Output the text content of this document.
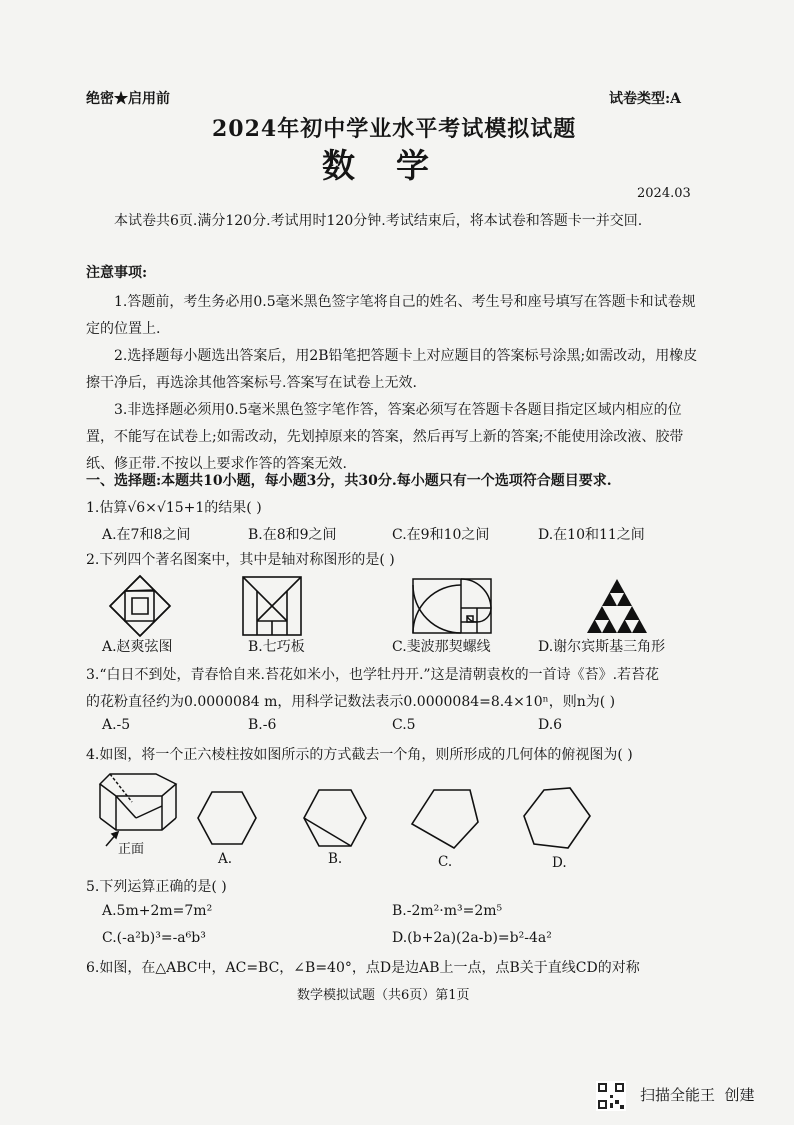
绝密★启用前	试卷类型:A
2024年初中学业水平考试模拟试题
数  学
2024.03
本试卷共6页.满分120分.考试用时120分钟.考试结束后，将本试卷和答题卡一并交回.
注意事项:
1.答题前，考生务必用0.5毫米黑色签字笔将自己的姓名、考生号和座号填写在答题卡和试卷规定的位置上.
2.选择题每小题选出答案后，用2B铅笔把答题卡上对应题目的答案标号涂黑;如需改动，用橡皮擦干净后，再选涂其他答案标号.答案写在试卷上无效.
3.非选择题必须用0.5毫米黑色签字笔作答，答案必须写在答题卡各题目指定区域内相应的位置，不能写在试卷上;如需改动，先划掉原来的答案，然后再写上新的答案;不能使用涂改液、胶带纸、修正带.不按以上要求作答的答案无效.
一、选择题:本题共10小题，每小题3分，共30分.每小题只有一个选项符合题目要求.
1.估算√6×√15+1的结果( )
A.在7和8之间	B.在8和9之间	C.在9和10之间	D.在10和11之间
2.下列四个著名图案中，其中是轴对称图形的是( )
A.赵爽弦图	B.七巧板	C.斐波那契螺线	D.谢尔宾斯基三角形
3.“白日不到处，青春恰自来.苔花如米小，也学牡丹开.”这是清朝袁枚的一首诗《苔》.若苔花
的花粉直径约为0.0000084 m，用科学记数法表示0.0000084=8.4×10ⁿ，则n为( )
A.-5	B.-6	C.5	D.6
4.如图，将一个正六棱柱按如图所示的方式截去一个角，则所形成的几何体的俯视图为( )
正面
A.	B.	C.	D.
5.下列运算正确的是( )
A.5m+2m=7m²	B.-2m²·m³=2m⁵
C.(-a²b)³=-a⁶b³	D.(b+2a)(2a-b)=b²-4a²
6.如图，在△ABC中，AC=BC，∠B=40°，点D是边AB上一点，点B关于直线CD的对称
数学模拟试题（共6页）第1页
扫描全能王  创建
